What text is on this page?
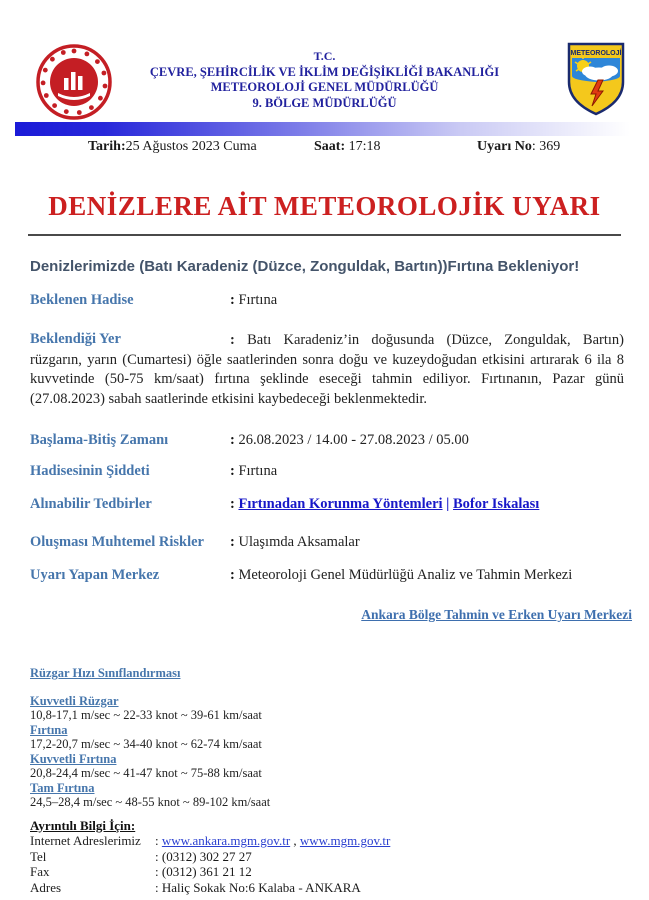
T.C.
ÇEVRE, ŞEHİRCİLİK VE İKLİM DEĞİŞİKLİĞİ BAKANLIĞI
METEOROLOJİ GENEL MÜDÜRLÜĞÜ
9. BÖLGE MÜDÜRLÜĞÜ
METEOROLOJİ
Tarih:25 Ağustos 2023 Cuma	Saat: 17:18	Uyarı No: 369
DENİZLERE AİT METEOROLOJİK UYARI
Denizlerimizde (Batı Karadeniz (Düzce, Zonguldak, Bartın))Fırtına Bekleniyor!
Beklenen Hadise	: Fırtına
Beklendiği Yer	: Batı Karadeniz’in doğusunda (Düzce, Zonguldak, Bartın) rüzgarın, yarın (Cumartesi) öğle saatlerinden sonra doğu ve kuzeydoğudan etkisini artırarak 6 ila 8 kuvvetinde (50-75 km/saat) fırtına şeklinde eseceği tahmin ediliyor. Fırtınanın, Pazar günü (27.08.2023) sabah saatlerinde etkisini kaybedeceği beklenmektedir.
Başlama-Bitiş Zamanı	: 26.08.2023 / 14.00 - 27.08.2023 / 05.00
Hadisesinin Şiddeti	: Fırtına
Alınabilir Tedbirler	: Fırtınadan Korunma Yöntemleri | Bofor Iskalası
Oluşması Muhtemel Riskler : Ulaşımda Aksamalar
Uyarı Yapan Merkez	: Meteoroloji Genel Müdürlüğü Analiz ve Tahmin Merkezi
Ankara Bölge Tahmin ve Erken Uyarı Merkezi
Rüzgar Hızı Sınıflandırması
Kuvvetli Rüzgar
10,8-17,1 m/sec ~ 22-33 knot ~ 39-61 km/saat
Fırtına
17,2-20,7 m/sec ~ 34-40 knot ~ 62-74 km/saat
Kuvvetli Fırtına
20,8-24,4 m/sec ~ 41-47 knot ~ 75-88 km/saat
Tam Fırtına
24,5–28,4 m/sec ~ 48-55 knot ~ 89-102 km/saat
Ayrıntılı Bilgi İçin:
Internet Adreslerimiz	: www.ankara.mgm.gov.tr , www.mgm.gov.tr
Tel	: (0312) 302 27 27
Fax	: (0312) 361 21 12
Adres	: Haliç Sokak No:6 Kalaba - ANKARA
